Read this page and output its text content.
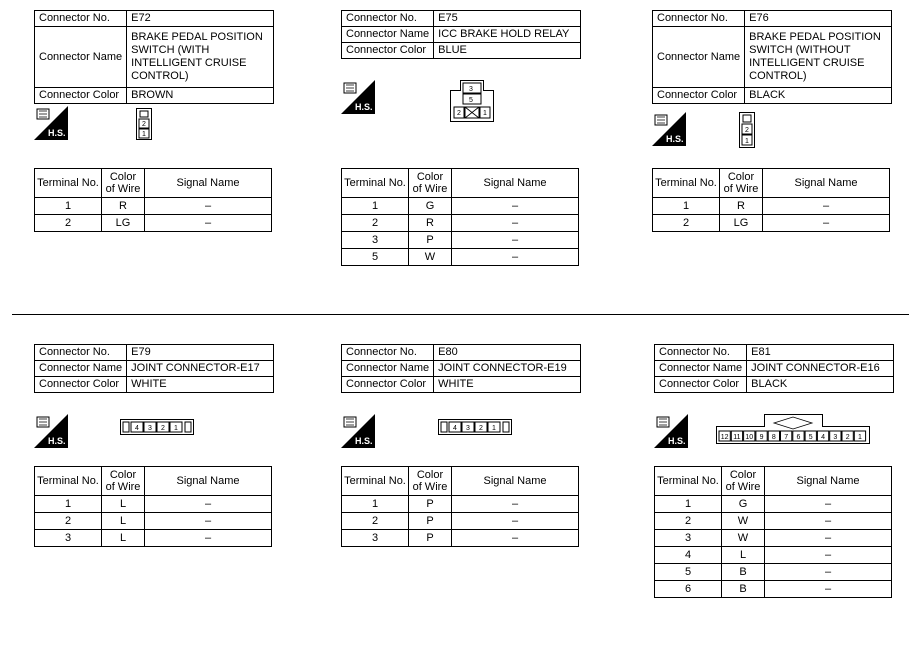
Connector No.	E72
Connector Name	BRAKE PEDAL POSITION SWITCH (WITH INTELLIGENT CRUISE CONTROL)
Connector Color	BROWN
H.S.
2
1
Terminal No.	Color of Wire	Signal Name
1	R	–
2	LG	–
Connector No.	E75
Connector Name	ICC BRAKE HOLD RELAY
Connector Color	BLUE
H.S.
3
5
2	1
Terminal No.	Color of Wire	Signal Name
1	G	–
2	R	–
3	P	–
5	W	–
Connector No.	E76
Connector Name	BRAKE PEDAL POSITION SWITCH (WITHOUT INTELLIGENT CRUISE CONTROL)
Connector Color	BLACK
H.S.
2
1
Terminal No.	Color of Wire	Signal Name
1	R	–
2	LG	–
Connector No.	E79
Connector Name	JOINT CONNECTOR-E17
Connector Color	WHITE
H.S.
4 3 2 1
Terminal No.	Color of Wire	Signal Name
1	L	–
2	L	–
3	L	–
Connector No.	E80
Connector Name	JOINT CONNECTOR-E19
Connector Color	WHITE
H.S.
4 3 2 1
Terminal No.	Color of Wire	Signal Name
1	P	–
2	P	–
3	P	–
Connector No.	E81
Connector Name	JOINT CONNECTOR-E16
Connector Color	BLACK
H.S.	12 11 10 9 8 7 6 5 4 3 2 1
Terminal No.	Color of Wire	Signal Name
1	G	–
2	W	–
3	W	–
4	L	–
5	B	–
6	B	–
